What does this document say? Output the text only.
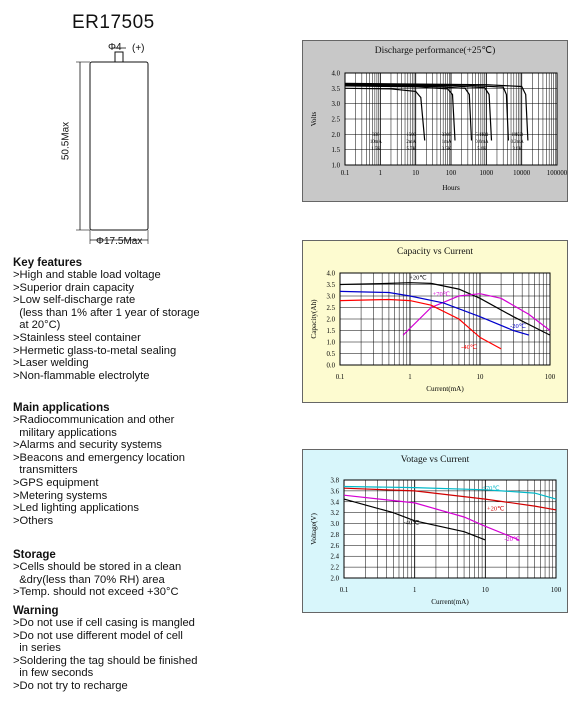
ER17505
Φ4 (+)
50.5Max
Φ17.5Max
Key features
>High and stable load voltage
>Superior drain capacity
>Low self-discharge rate
(less than 1% after 1 year of storage
at 20°C)
>Stainless steel container
>Hermetic glass-to-metal sealing
>Laser welding
>Non-flammable electrolyte
Main applications
>Radiocommunication and other
military applications
>Alarms and security systems
>Beacons and emergency location
transmitters
>GPS equipment
>Metering systems
>Led lighting applications
>Others
Storage
>Cells should be stored in a clean
&dry(less than 70% RH) area
>Temp. should not exceed +30°C
Warning
>Do not use if cell casing is mangled
>Do not use different model of cell
in series
>Soldering the tag should be finished
in few seconds
>Do not try to recharge
Discharge performance(+25℃)
1.0
1.5
2.0
2.5
3.0
3.5
4.0
0.1	1	10	100	1000	10000 100000
Hours
Volts
330	1500	3300	5.1KΩ	18KΩ
10mA	2mA	1mA	0.6mA	0.2mA
1.5K	5.7K	3.5K	5.6K	3.6K
Capacity vs Current
0.0
0.5
1.0
1.5
2.0
2.5
3.0
3.5
4.0
0.1	1	10	100
Current(mA)
Capacity(Ah)
+20℃
+70℃
-20℃
-40℃
Votage vs Current
2.0
2.2
2.4
2.6
2.8
3.0
3.2
3.4
3.6
3.8
0.1	1	10	100
Current(mA)
Voltage(V)
+70℃
+20℃
-20℃
-40℃
